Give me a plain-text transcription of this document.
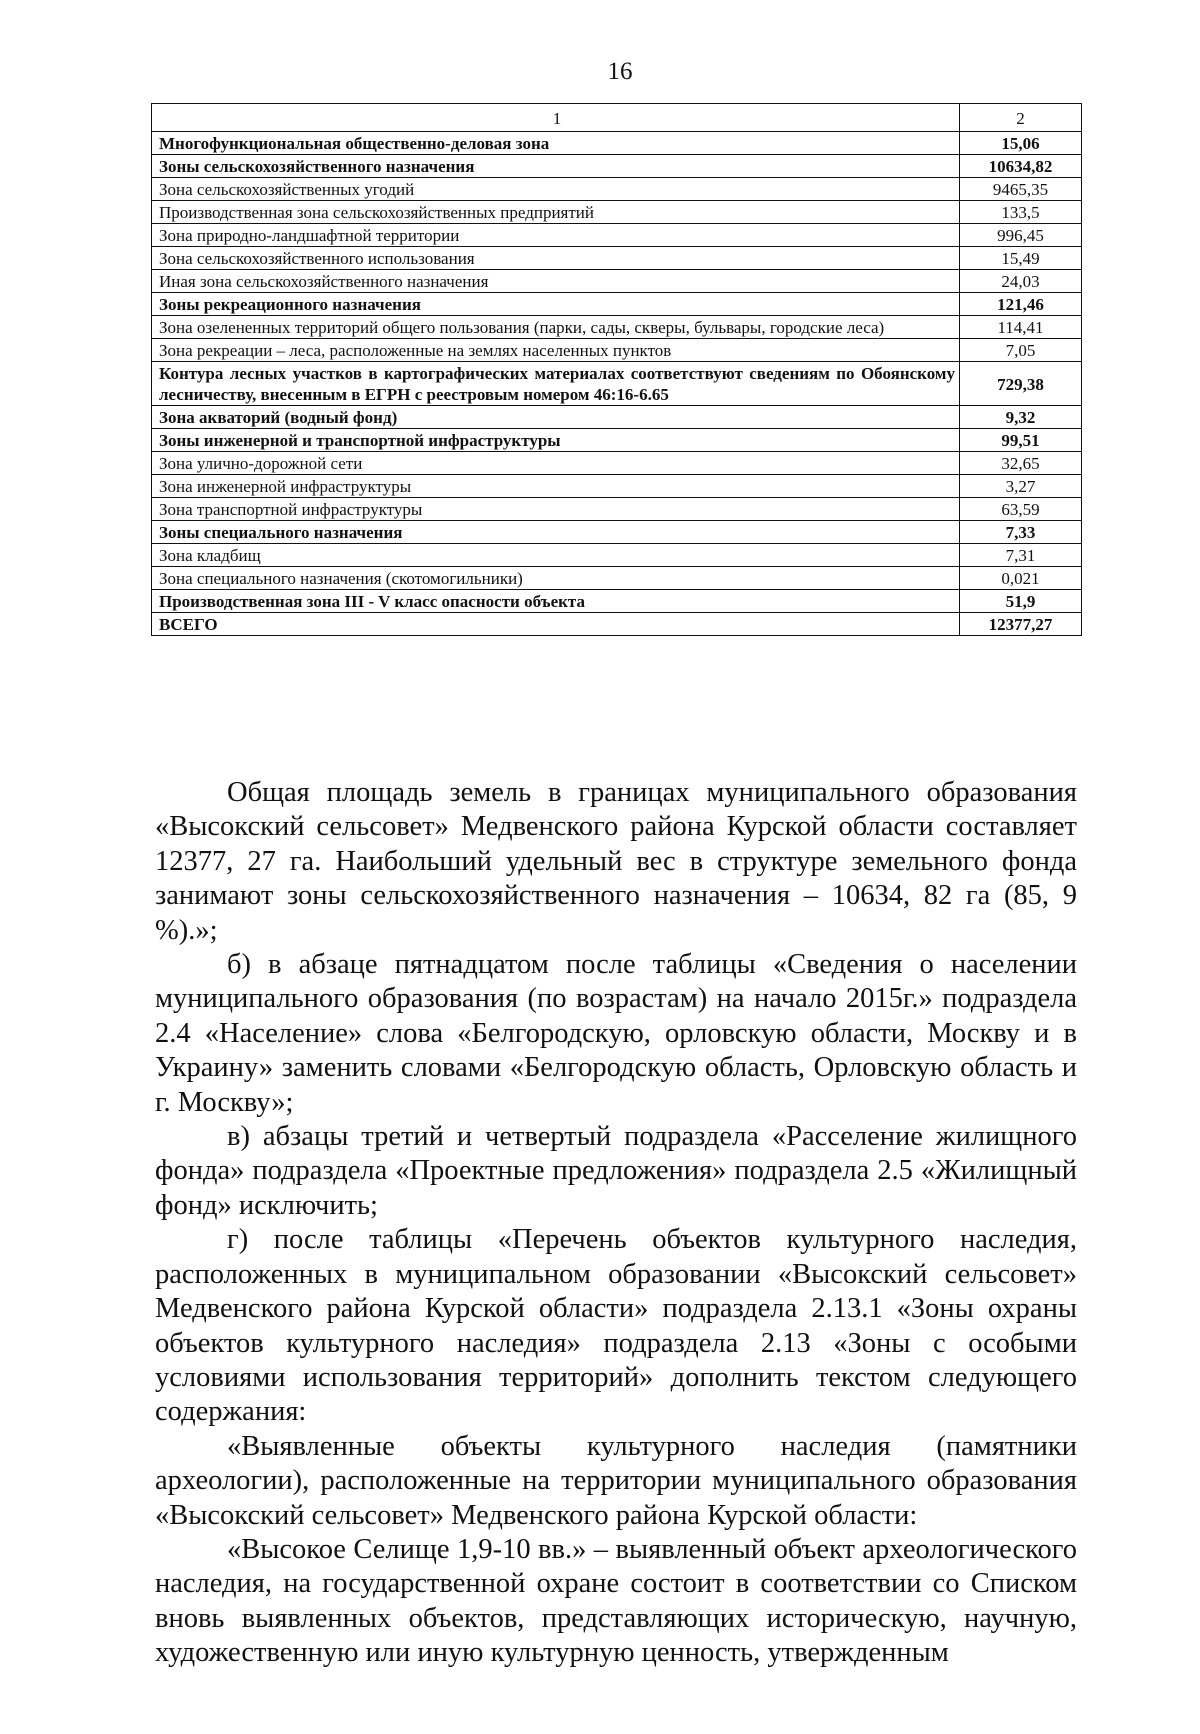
16
1	2
Многофункциональная общественно-деловая зона	15,06
Зоны сельскохозяйственного назначения	10634,82
Зона сельскохозяйственных угодий	9465,35
Производственная зона сельскохозяйственных предприятий	133,5
Зона природно-ландшафтной территории	996,45
Зона сельскохозяйственного использования	15,49
Иная зона сельскохозяйственного назначения	24,03
Зоны рекреационного назначения	121,46
Зона озелененных территорий общего пользования (парки, сады, скверы, бульвары, городские леса)	114,41
Зона рекреации – леса, расположенные на землях населенных пунктов	7,05
Контура лесных участков в картографических материалах соответствуют сведениям по Обоянскому лесничеству, внесенным в ЕГРН с реестровым номером 46:16-6.65	729,38
Зона акваторий (водный фонд)	9,32
Зоны инженерной и транспортной инфраструктуры	99,51
Зона улично-дорожной сети	32,65
Зона инженерной инфраструктуры	3,27
Зона транспортной инфраструктуры	63,59
Зоны специального назначения	7,33
Зона кладбищ	7,31
Зона специального назначения (скотомогильники)	0,021
Производственная зона III - V класс опасности объекта	51,9
ВСЕГО	12377,27

Общая площадь земель в границах муниципального образования «Высокский сельсовет» Медвенского района Курской области составляет 12377, 27 га. Наибольший удельный вес в структуре земельного фонда занимают зоны сельскохозяйственного назначения – 10634, 82 га (85, 9 %).»;

б) в абзаце пятнадцатом после таблицы «Сведения о населении муниципального образования (по возрастам) на начало 2015г.» подраздела 2.4 «Население» слова «Белгородскую, орловскую области, Москву и в Украину» заменить словами «Белгородскую область, Орловскую область и г. Москву»;

в) абзацы третий и четвертый подраздела «Расселение жилищного фонда» подраздела «Проектные предложения» подраздела 2.5 «Жилищный фонд» исключить;

г) после таблицы «Перечень объектов культурного наследия, расположенных в муниципальном образовании «Высокский сельсовет» Медвенского района Курской области» подраздела 2.13.1 «Зоны охраны объектов культурного наследия» подраздела 2.13 «Зоны с особыми условиями использования территорий» дополнить текстом следующего содержания:

«Выявленные объекты культурного наследия (памятники археологии), расположенные на территории муниципального образования «Высокский сельсовет» Медвенского района Курской области:

«Высокое Селище 1,9-10 вв.» – выявленный объект археологического наследия, на государственной охране состоит в соответствии со Списком вновь выявленных объектов, представляющих историческую, научную, художественную или иную культурную ценность, утвержденным
